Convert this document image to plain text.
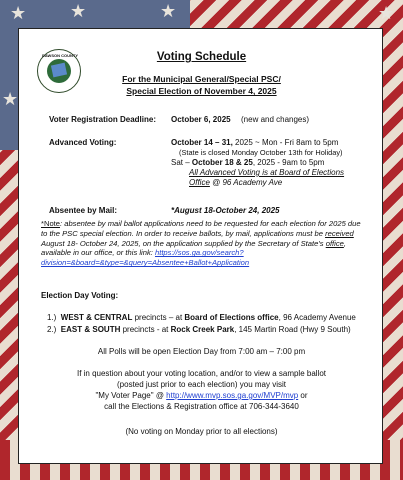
★ ★	★
★
★
DAWSON COUNTY	Voting Schedule
For the Municipal General/Special PSC/
Special Election of November 4, 2025
Voter Registration Deadline: October 6, 2025 (new and changes)
Advanced Voting:	October 14 – 31, 2025 ~ Mon - Fri 8am to 5pm
(State is closed Monday October 13th for Holiday)
Sat – October 18 & 25, 2025 - 9am to 5pm
All Advanced Voting is at Board of Elections
Office @ 96 Academy Ave
Absentee by Mail:	*August 18-October 24, 2025
*Note: absentee by mail ballot applications need to be requested for each election for 2025 due to the PSC special election. In order to receive ballots, by mail, applications must be received August 18- October 24, 2025, on the application supplied by the Secretary of State's office, available in our office, or this link: https://sos.ga.gov/search?division=&board=&type=&query=Absentee+Ballot+Application
Election Day Voting:
1.) WEST & CENTRAL precincts – at Board of Elections office, 96 Academy Avenue
2.) EAST & SOUTH precincts - at Rock Creek Park, 145 Martin Road (Hwy 9 South)
All Polls will be open Election Day from 7:00 am – 7:00 pm
If in question about your voting location, and/or to view a sample ballot
(posted just prior to each election) you may visit
"My Voter Page" @ http://www.mvp.sos.ga.gov/MVP/mvp or
call the Elections & Registration office at 706-344-3640
(No voting on Monday prior to all elections)
